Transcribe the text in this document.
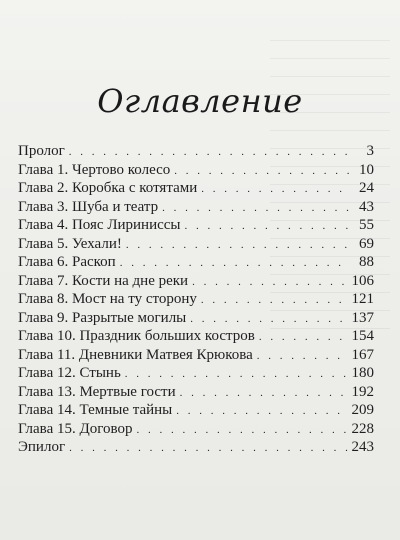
Оглавление
Пролог . . .	3
Глава 1. Чертово колесо . . .	10
Глава 2. Коробка с котятами . . .	24
Глава 3. Шуба и театр . . .	43
Глава 4. Пояс Лириниссы . . .	55
Глава 5. Уехали! . . .	69
Глава 6. Раскоп . . .	88
Глава 7. Кости на дне реки . . .	106
Глава 8. Мост на ту сторону . . .	121
Глава 9. Разрытые могилы . . .	137
Глава 10. Праздник больших костров . . .	154
Глава 11. Дневники Матвея Крюкова . . .	167
Глава 12. Стынь . . .	180
Глава 13. Мертвые гости . . .	192
Глава 14. Темные тайны . . .	209
Глава 15. Договор . . .	228
Эпилог . . .	243
